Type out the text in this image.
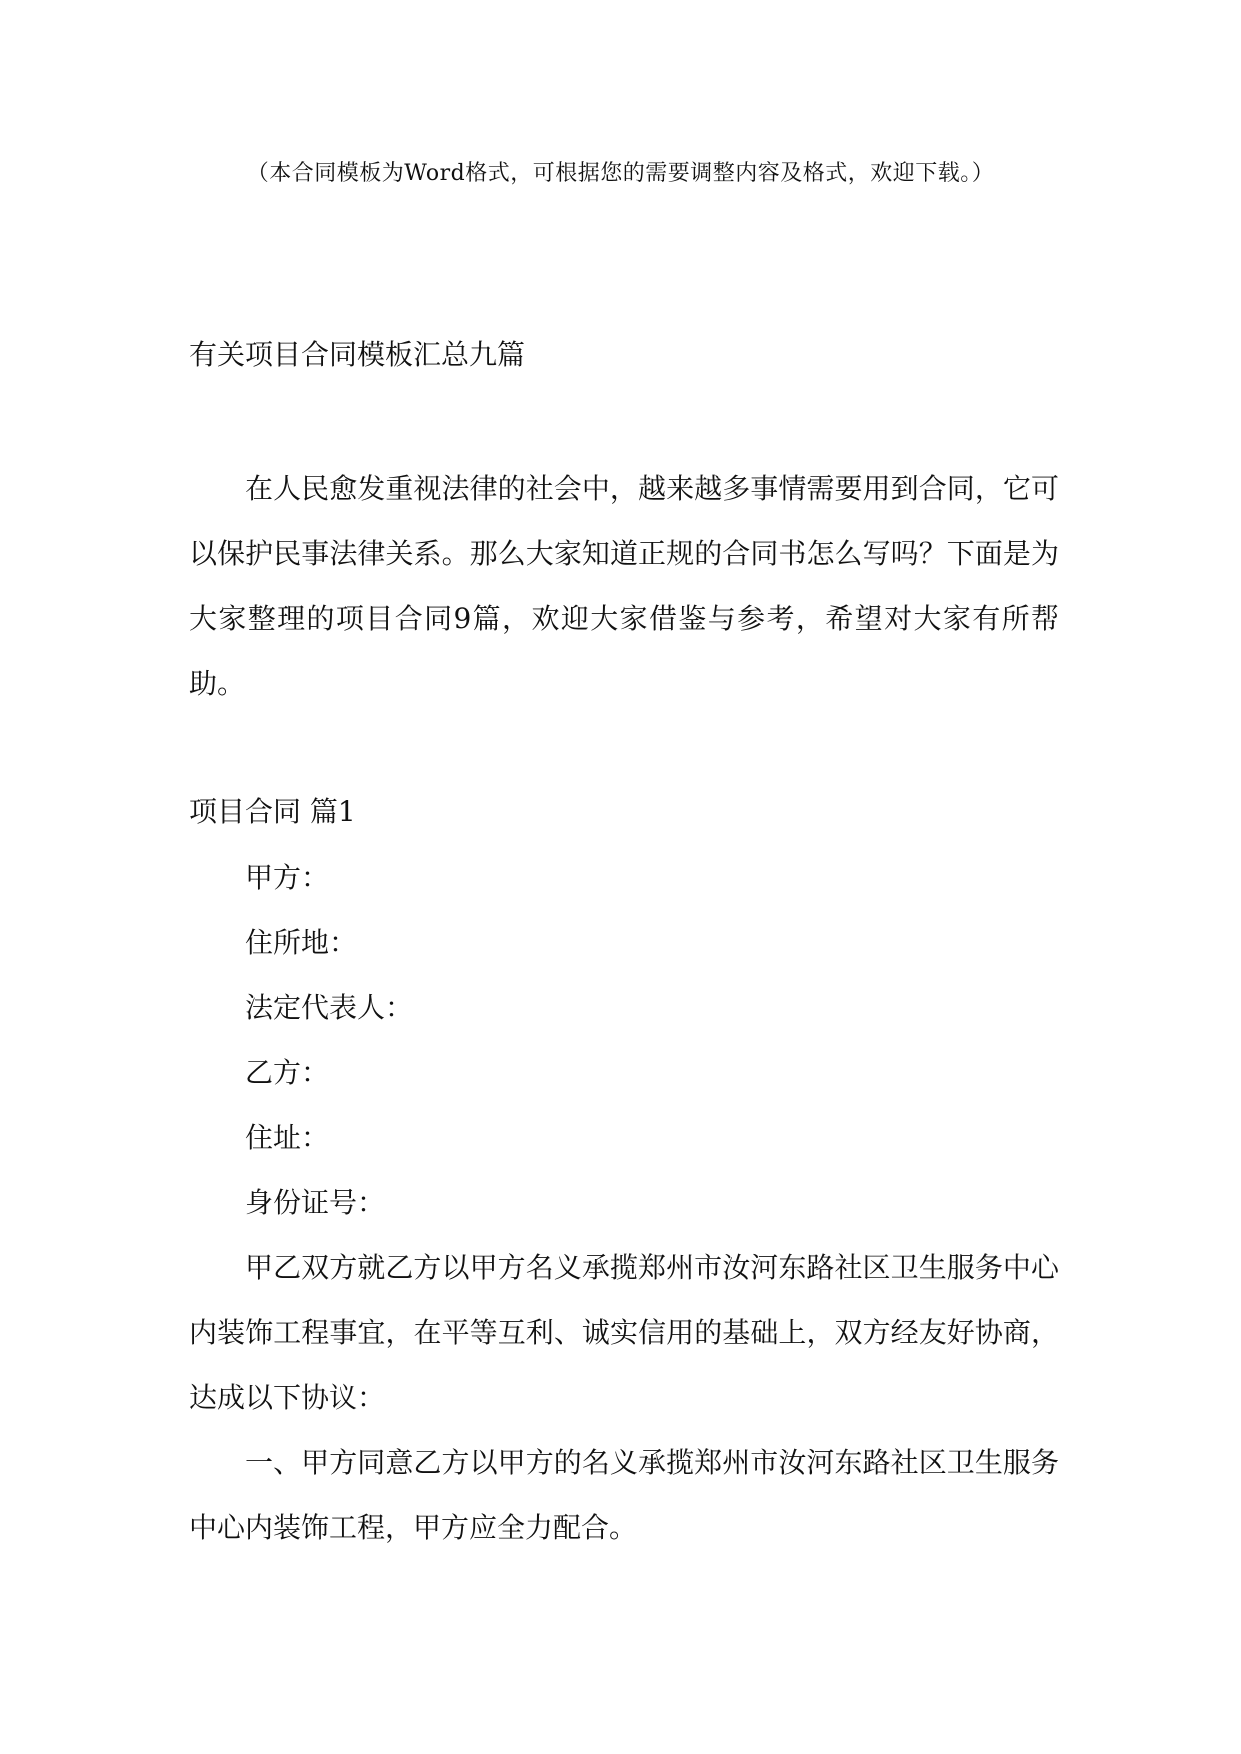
（本合同模板为Word格式，可根据您的需要调整内容及格式，欢迎下载。）
有关项目合同模板汇总九篇
在人民愈发重视法律的社会中，越来越多事情需要用到合同，它可以保护民事法律关系。那么大家知道正规的合同书怎么写吗？下面是为大家整理的项目合同9篇，欢迎大家借鉴与参考，希望对大家有所帮助。
项目合同 篇1
甲方：
住所地：
法定代表人：
乙方：
住址：
身份证号：
甲乙双方就乙方以甲方名义承揽郑州市汝河东路社区卫生服务中心内装饰工程事宜，在平等互利、诚实信用的基础上，双方经友好协商，达成以下协议：
一、甲方同意乙方以甲方的名义承揽郑州市汝河东路社区卫生服务中心内装饰工程，甲方应全力配合。
